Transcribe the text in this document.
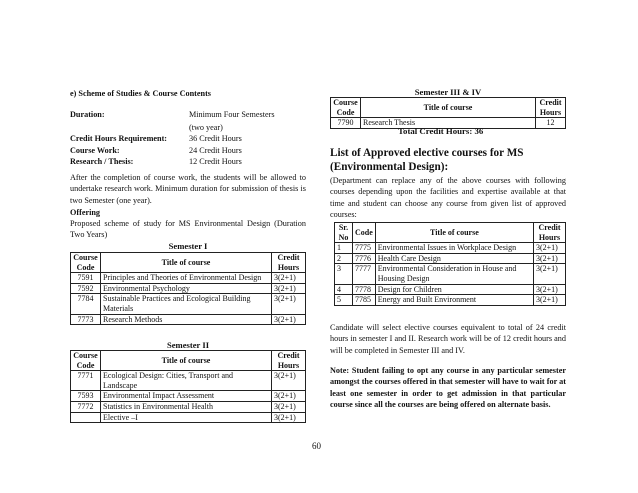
e) Scheme of Studies & Course Contents
Duration:	Minimum Four Semesters
(two year)
Credit Hours Requirement:	36 Credit Hours
Course Work:	24 Credit Hours
Research / Thesis:	12 Credit Hours
After the completion of course work, the students will be allowed to undertake research work. Minimum duration for submission of thesis is two Semester (one year).
Offering
Proposed scheme of study for MS Environmental Design (Duration Two Years)
Semester I
Course Code	Title of course	Credit Hours
7591	Principles and Theories of Environmental Design	3(2+1)
7592	Environmental Psychology	3(2+1)
7784	Sustainable Practices and Ecological Building Materials	3(2+1)
7773	Research Methods	3(2+1)
Semester II
Course Code	Title of course	Credit Hours
7771	Ecological Design: Cities, Transport and Landscape	3(2+1)
7593	Environmental Impact Assessment	3(2+1)
7772	Statistics in Environmental Health	3(2+1)
	Elective –I	3(2+1)
Semester III & IV
Course Code	Title of course	Credit Hours
7790	Research Thesis	12
Total Credit Hours: 36
List of Approved elective courses for MS (Environmental Design):
(Department can replace any of the above courses with following courses depending upon the facilities and expertise available at that time and student can choose any course from given list of approved courses:
Sr. No	Code	Title of course	Credit Hours
1	7775	Environmental Issues in Workplace Design	3(2+1)
2	7776	Health Care Design	3(2+1)
3	7777	Environmental Consideration in House and Housing Design	3(2+1)
4	7778	Design for Children	3(2+1)
5	7785	Energy and Built Environment	3(2+1)
Candidate will select elective courses equivalent to total of 24 credit hours in semester I and II. Research work will be of 12 credit hours and will be completed in Semester III and IV.
Note: Student failing to opt any course in any particular semester amongst the courses offered in that semester will have to wait for at least one semester in order to get admission in that particular course since all the courses are being offered on alternate basis.
60
